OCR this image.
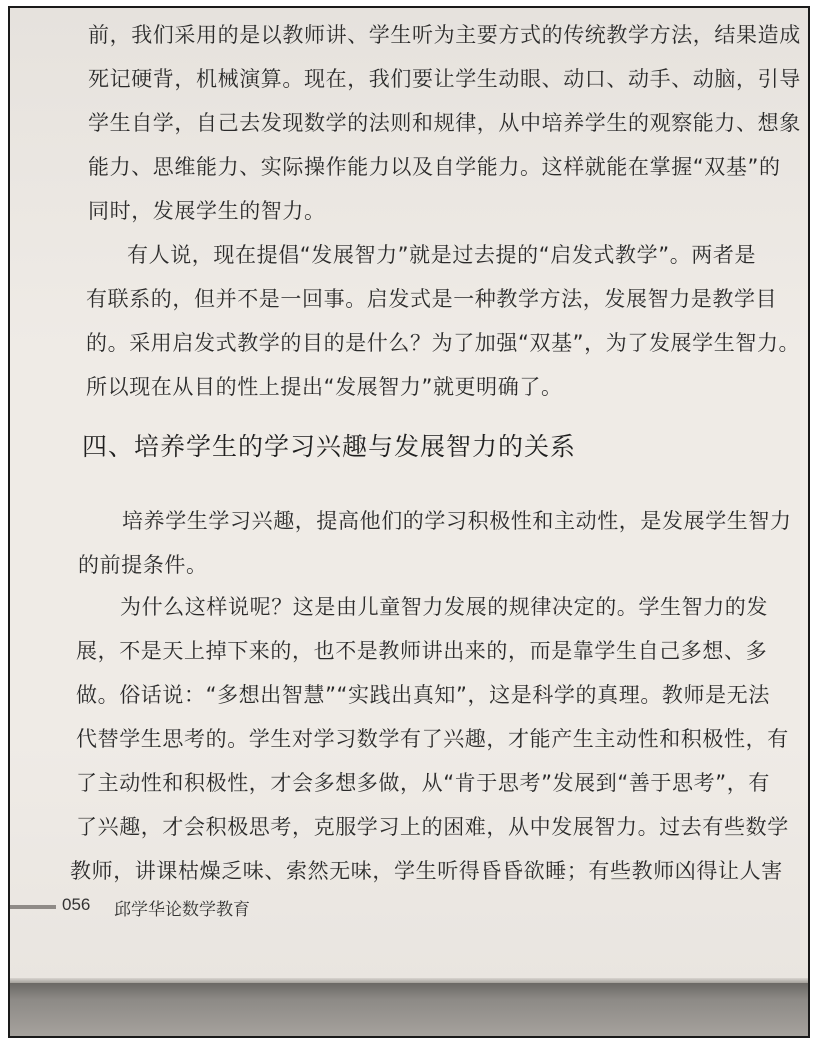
前，我们采用的是以教师讲、学生听为主要方式的传统教学方法，结果造成
死记硬背，机械演算。现在，我们要让学生动眼、动口、动手、动脑，引导
学生自学，自己去发现数学的法则和规律，从中培养学生的观察能力、想象
能力、思维能力、实际操作能力以及自学能力。这样就能在掌握“双基”的
同时，发展学生的智力。
有人说，现在提倡“发展智力”就是过去提的“启发式教学”。两者是
有联系的，但并不是一回事。启发式是一种教学方法，发展智力是教学目
的。采用启发式教学的目的是什么？为了加强“双基”，为了发展学生智力。
所以现在从目的性上提出“发展智力”就更明确了。
四、培养学生的学习兴趣与发展智力的关系
培养学生学习兴趣，提高他们的学习积极性和主动性，是发展学生智力
的前提条件。
为什么这样说呢？这是由儿童智力发展的规律决定的。学生智力的发
展，不是天上掉下来的，也不是教师讲出来的，而是靠学生自己多想、多
做。俗话说：“多想出智慧”“实践出真知”，这是科学的真理。教师是无法
代替学生思考的。学生对学习数学有了兴趣，才能产生主动性和积极性，有
了主动性和积极性，才会多想多做，从“肯于思考”发展到“善于思考”，有
了兴趣，才会积极思考，克服学习上的困难，从中发展智力。过去有些数学
教师，讲课枯燥乏味、索然无味，学生听得昏昏欲睡；有些教师凶得让人害
056 邱学华论数学教育
